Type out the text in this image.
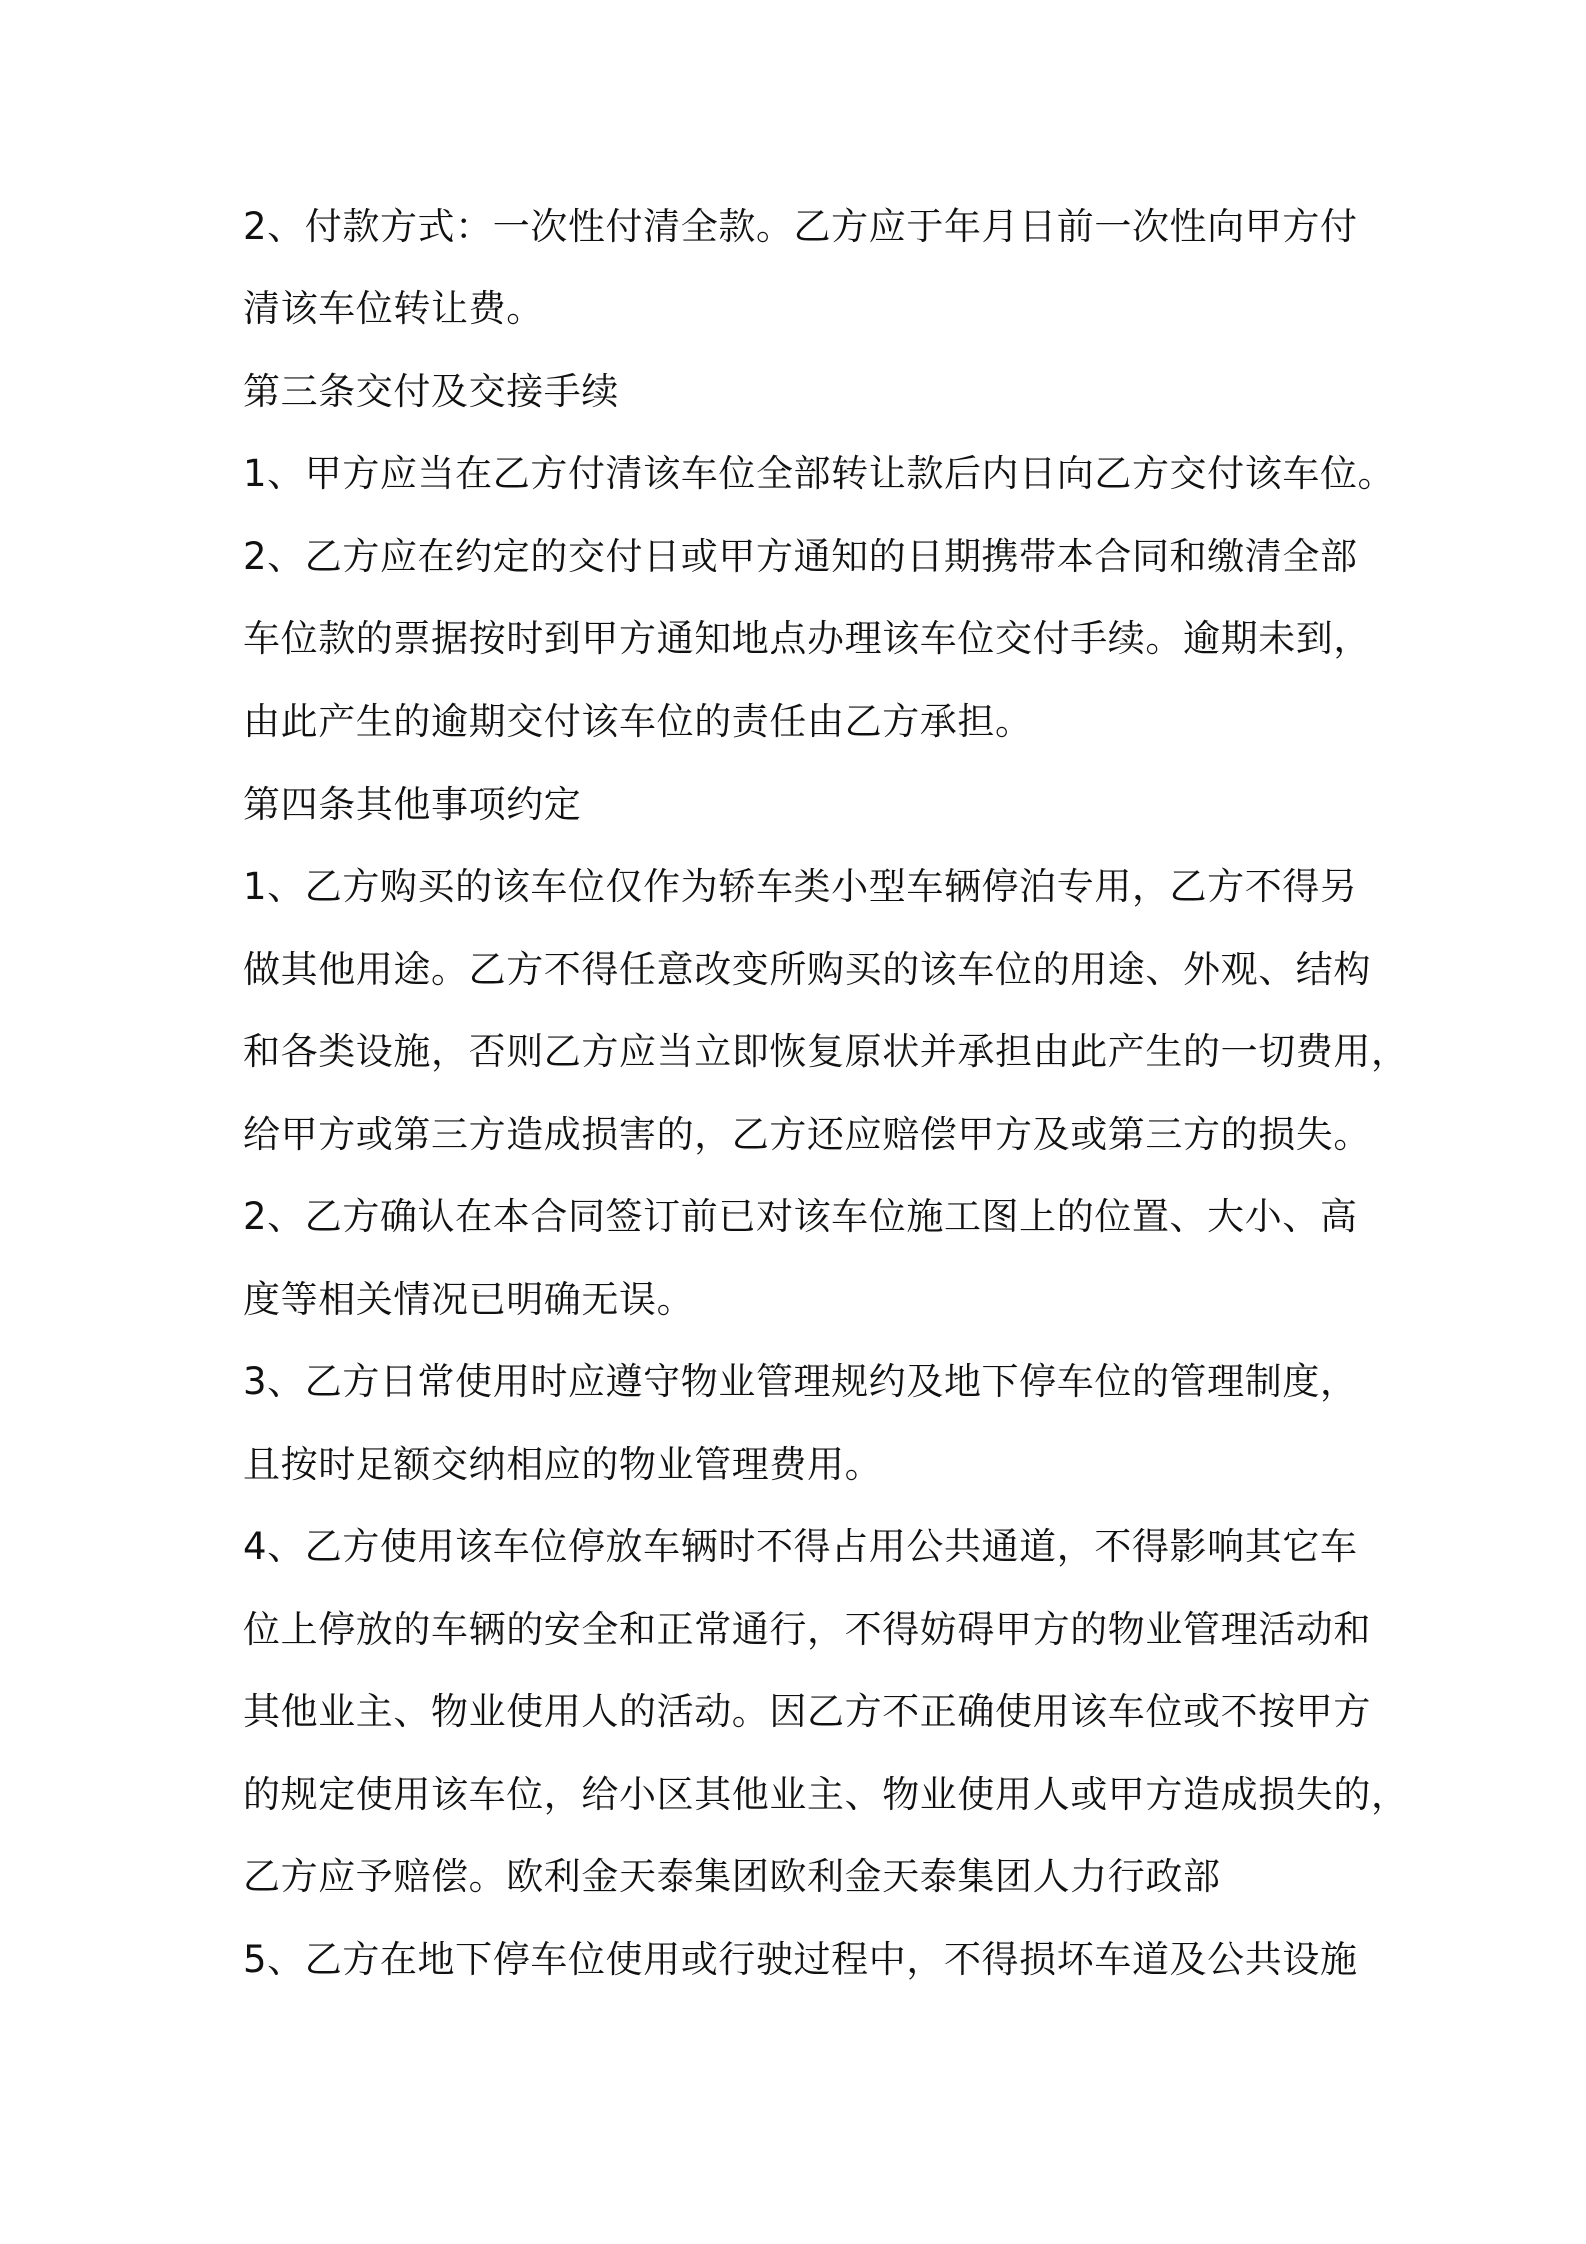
2、付款方式：一次性付清全款。乙方应于年月日前一次性向甲方付
清该车位转让费。
第三条交付及交接手续
1、甲方应当在乙方付清该车位全部转让款后内日向乙方交付该车位。
2、乙方应在约定的交付日或甲方通知的日期携带本合同和缴清全部
车位款的票据按时到甲方通知地点办理该车位交付手续。逾期未到，
由此产生的逾期交付该车位的责任由乙方承担。
第四条其他事项约定
1、乙方购买的该车位仅作为轿车类小型车辆停泊专用，乙方不得另
做其他用途。乙方不得任意改变所购买的该车位的用途、外观、结构
和各类设施，否则乙方应当立即恢复原状并承担由此产生的一切费用，
给甲方或第三方造成损害的，乙方还应赔偿甲方及或第三方的损失。
2、乙方确认在本合同签订前已对该车位施工图上的位置、大小、高
度等相关情况已明确无误。
3、乙方日常使用时应遵守物业管理规约及地下停车位的管理制度，
且按时足额交纳相应的物业管理费用。
4、乙方使用该车位停放车辆时不得占用公共通道，不得影响其它车
位上停放的车辆的安全和正常通行，不得妨碍甲方的物业管理活动和
其他业主、物业使用人的活动。因乙方不正确使用该车位或不按甲方
的规定使用该车位，给小区其他业主、物业使用人或甲方造成损失的，
乙方应予赔偿。欧利金天泰集团欧利金天泰集团人力行政部
5、乙方在地下停车位使用或行驶过程中，不得损坏车道及公共设施
